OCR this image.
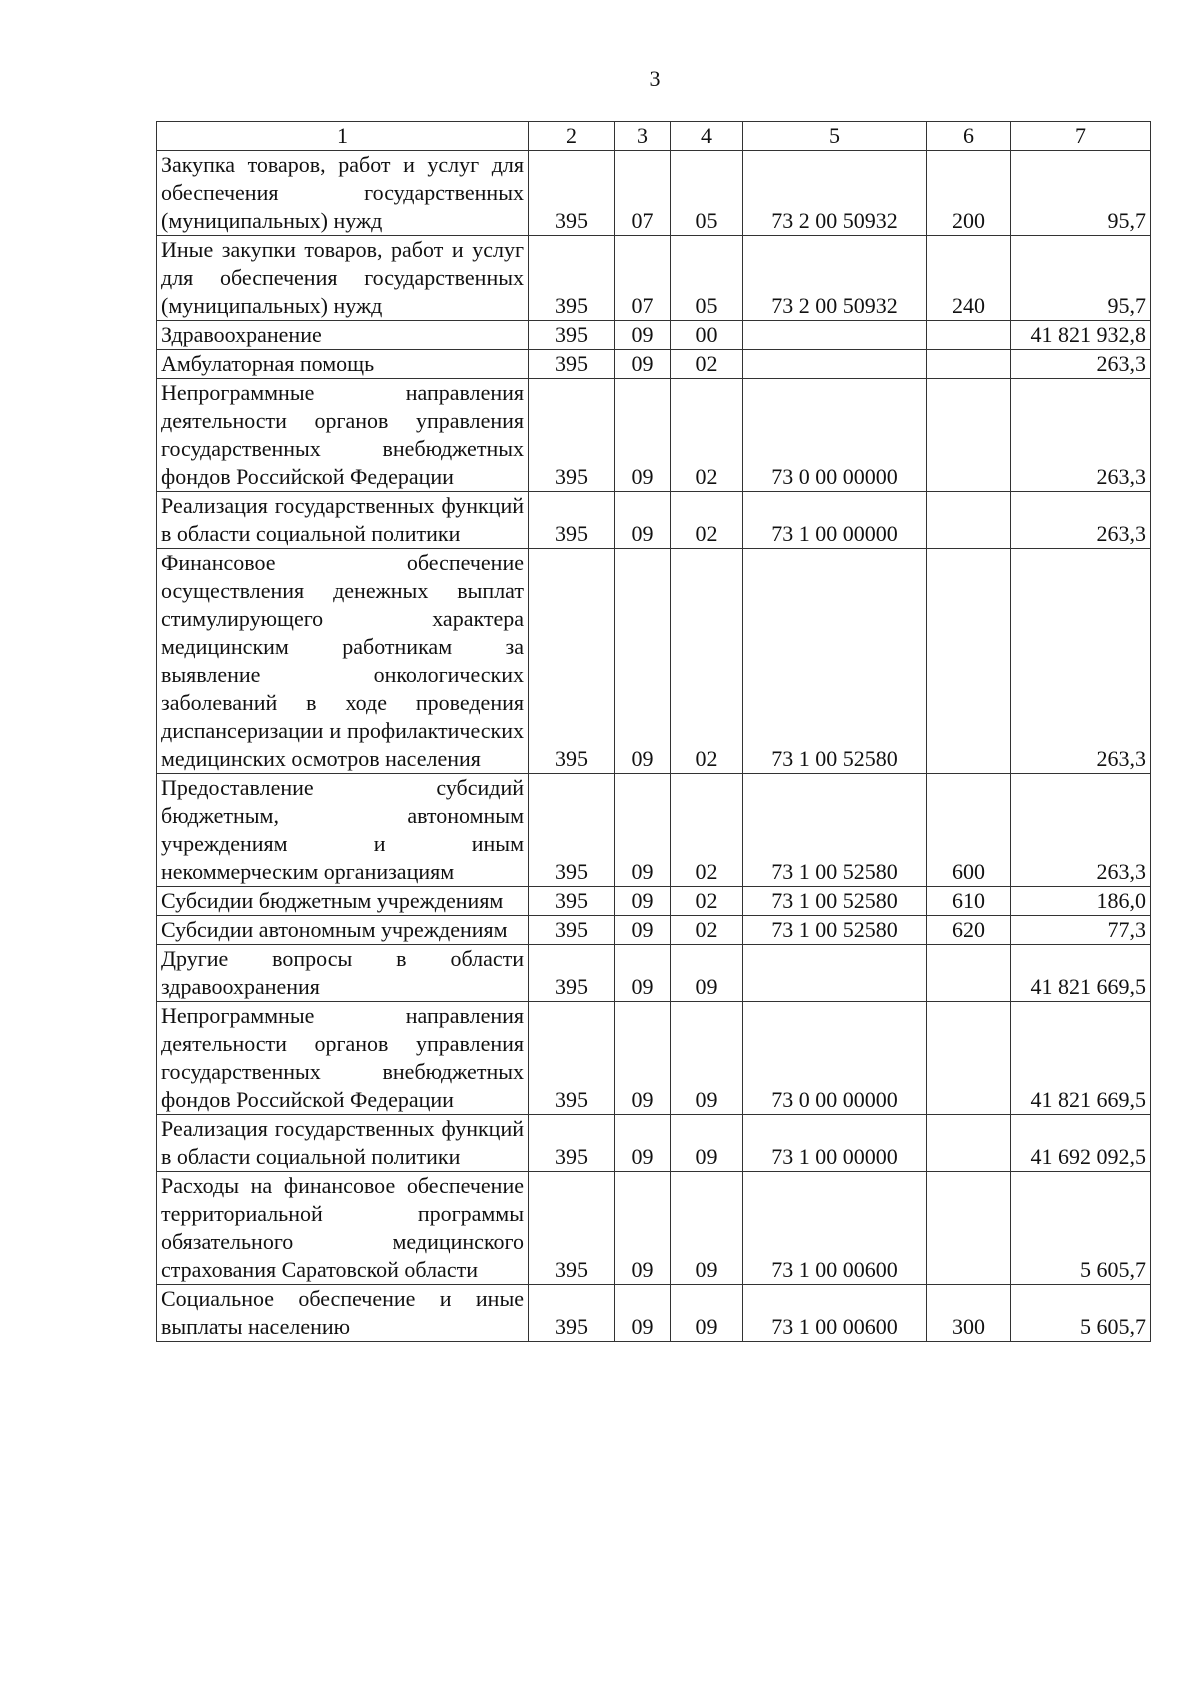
3
1	2	3	4	5	6	7
Закупка товаров, работ и услуг для обеспечения государственных (муниципальных) нужд	395	07	05	73 2 00 50932	200	95,7
Иные закупки товаров, работ и услуг для обеспечения государственных (муниципальных) нужд	395	07	05	73 2 00 50932	240	95,7
Здравоохранение	395	09	00			41 821 932,8
Амбулаторная помощь	395	09	02			263,3
Непрограммные направления деятельности органов управления государственных внебюджетных фондов Российской Федерации	395	09	02	73 0 00 00000		263,3
Реализация государственных функций в области социальной политики	395	09	02	73 1 00 00000		263,3
Финансовое обеспечение осуществления денежных выплат стимулирующего характера медицинским работникам за выявление онкологических заболеваний в ходе проведения диспансеризации и профилактических медицинских осмотров населения	395	09	02	73 1 00 52580		263,3
Предоставление субсидий бюджетным, автономным учреждениям и иным некоммерческим организациям	395	09	02	73 1 00 52580	600	263,3
Субсидии бюджетным учреждениям	395	09	02	73 1 00 52580	610	186,0
Субсидии автономным учреждениям	395	09	02	73 1 00 52580	620	77,3
Другие вопросы в области здравоохранения	395	09	09			41 821 669,5
Непрограммные направления деятельности органов управления государственных внебюджетных фондов Российской Федерации	395	09	09	73 0 00 00000		41 821 669,5
Реализация государственных функций в области социальной политики	395	09	09	73 1 00 00000		41 692 092,5
Расходы на финансовое обеспечение территориальной программы обязательного медицинского страхования Саратовской области	395	09	09	73 1 00 00600		5 605,7
Социальное обеспечение и иные выплаты населению	395	09	09	73 1 00 00600	300	5 605,7
